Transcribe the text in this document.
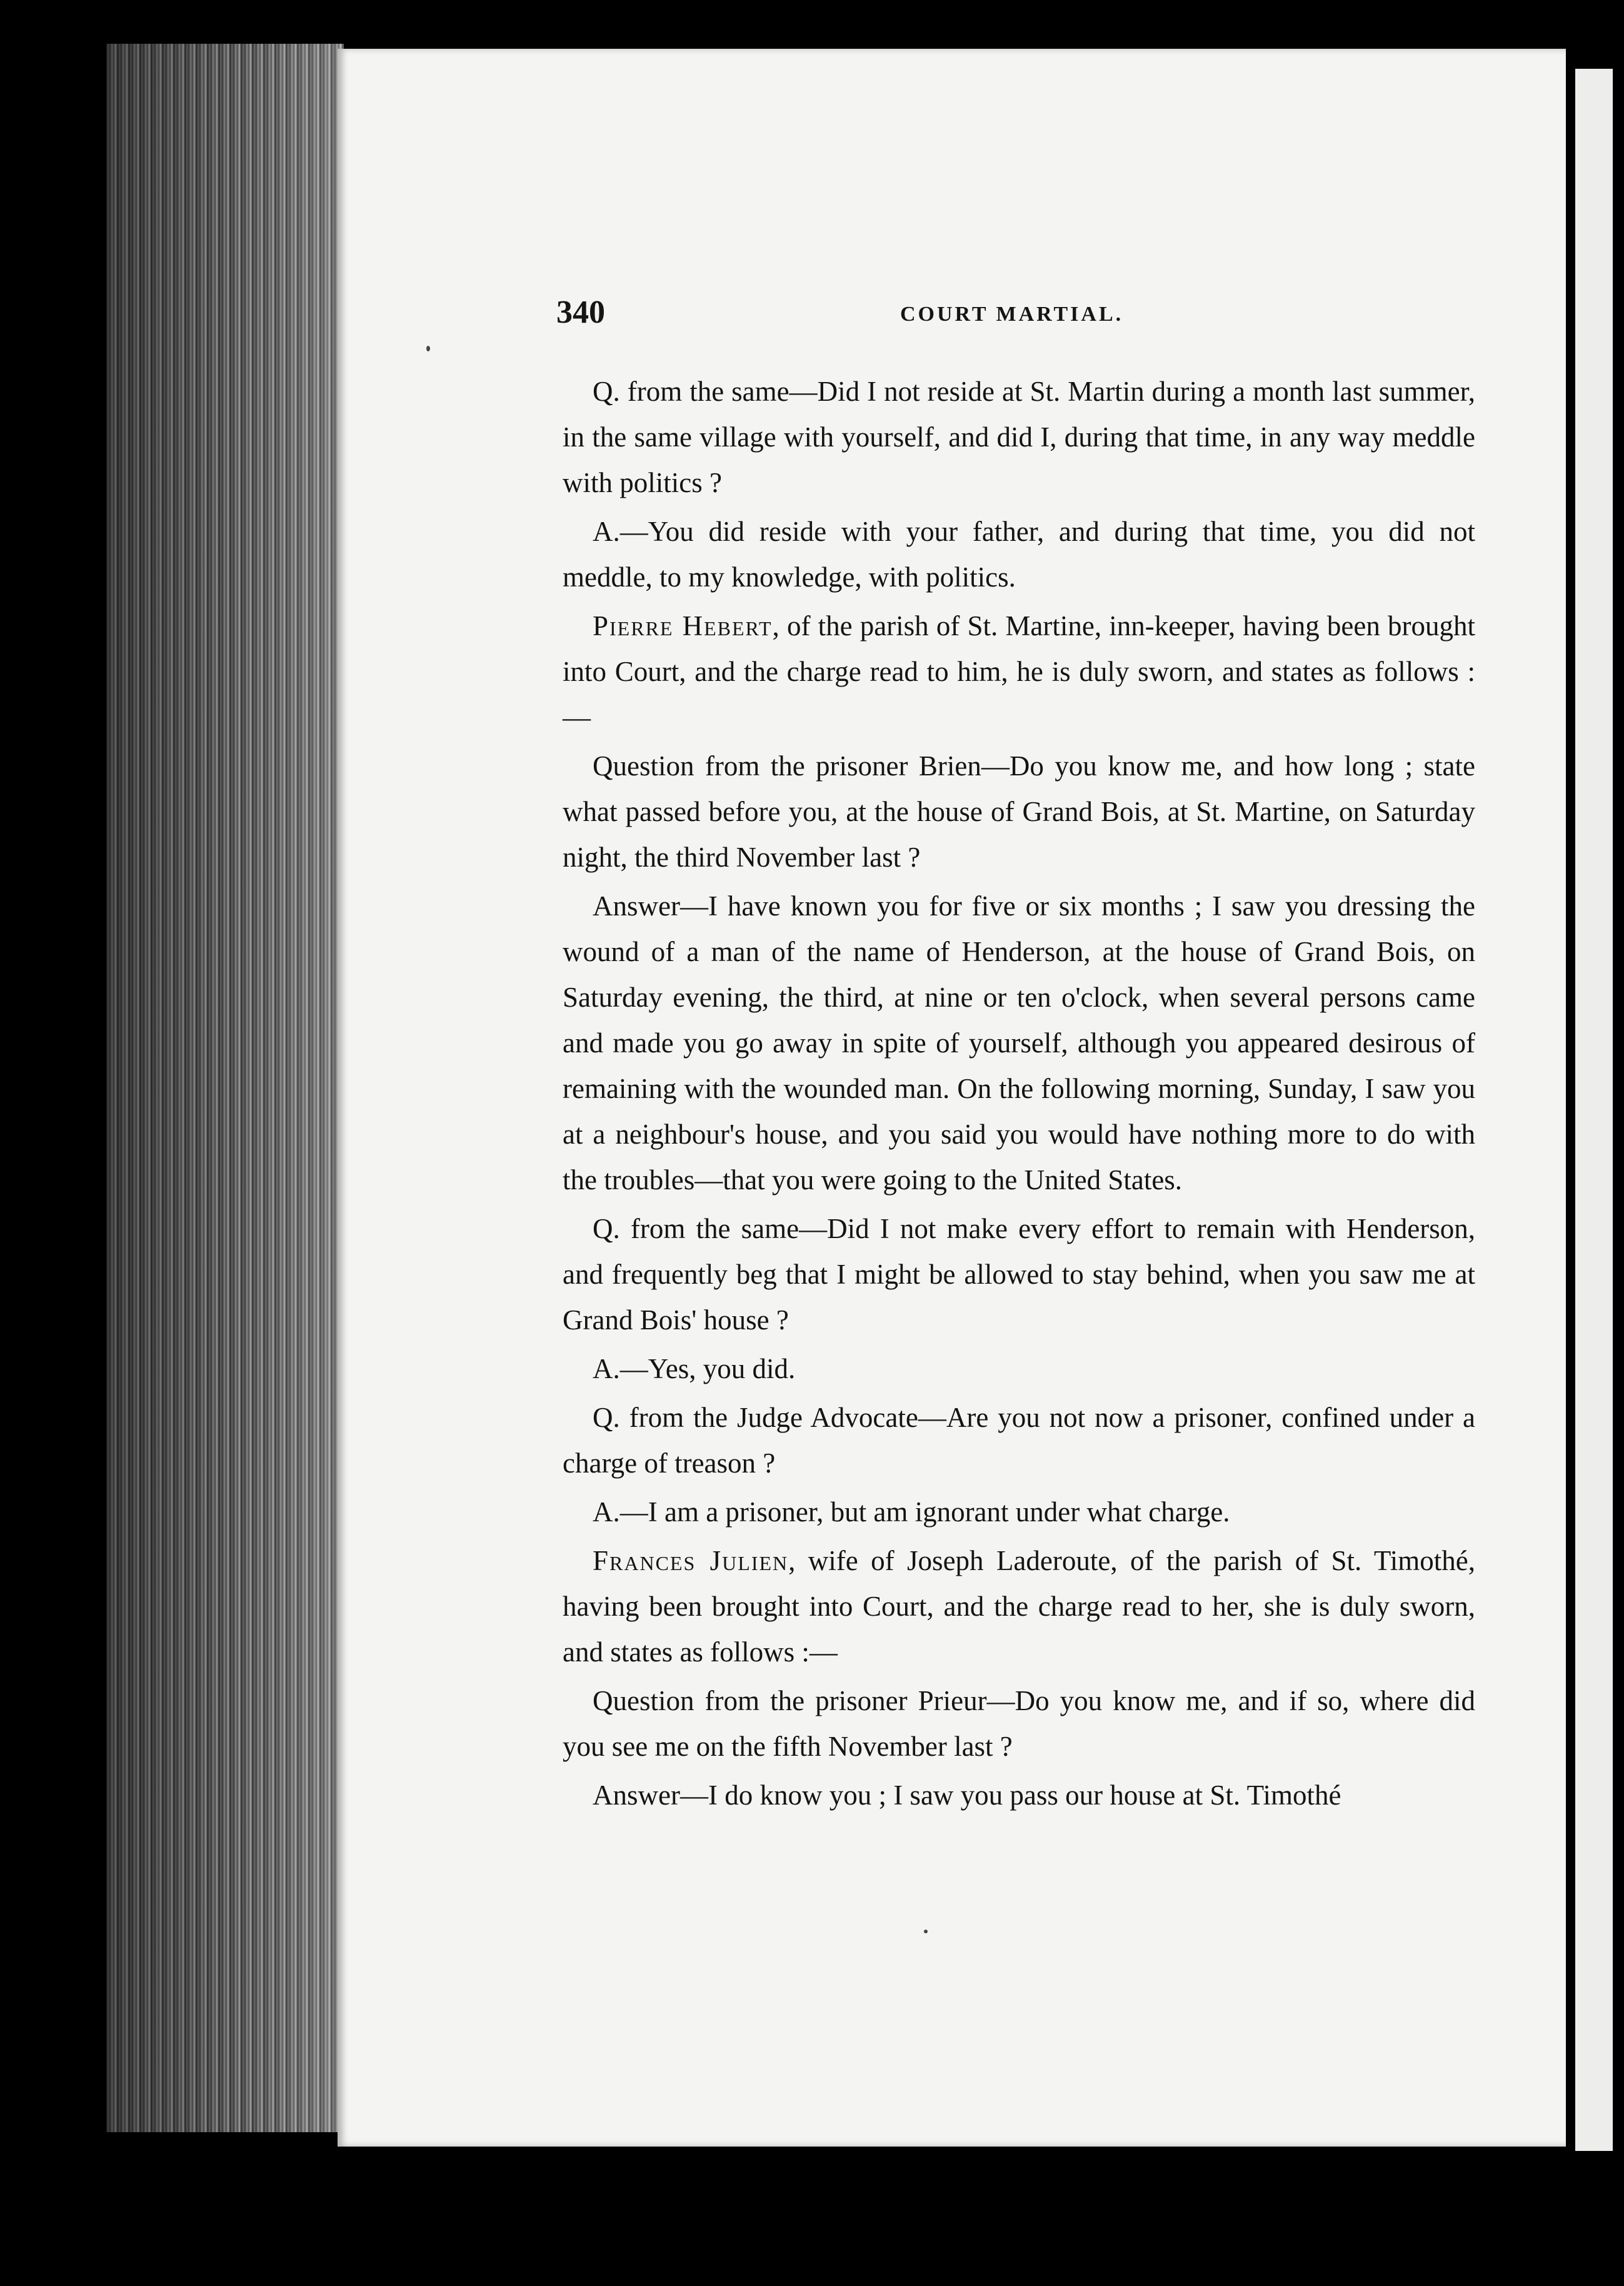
340	COURT MARTIAL.

Q. from the same—Did I not reside at St. Martin during a month last summer, in the same village with yourself, and did I, during that time, in any way meddle with politics ?

A.—You did reside with your father, and during that time, you did not meddle, to my knowledge, with politics.

Pierre Hebert, of the parish of St. Martine, inn-keeper, having been brought into Court, and the charge read to him, he is duly sworn, and states as follows :—

Question from the prisoner Brien—Do you know me, and how long ; state what passed before you, at the house of Grand Bois, at St. Martine, on Saturday night, the third November last ?

Answer—I have known you for five or six months ; I saw you dressing the wound of a man of the name of Henderson, at the house of Grand Bois, on Saturday evening, the third, at nine or ten o'clock, when several persons came and made you go away in spite of yourself, although you appeared desirous of remaining with the wounded man. On the following morning, Sunday, I saw you at a neighbour's house, and you said you would have nothing more to do with the troubles—that you were going to the United States.

Q. from the same—Did I not make every effort to remain with Henderson, and frequently beg that I might be allowed to stay behind, when you saw me at Grand Bois' house ?

A.—Yes, you did.

Q. from the Judge Advocate—Are you not now a prisoner, confined under a charge of treason ?

A.—I am a prisoner, but am ignorant under what charge.

Frances Julien, wife of Joseph Laderoute, of the parish of St. Timothé, having been brought into Court, and the charge read to her, she is duly sworn, and states as follows :—

Question from the prisoner Prieur—Do you know me, and if so, where did you see me on the fifth November last ?

Answer—I do know you ; I saw you pass our house at St. Timothé
